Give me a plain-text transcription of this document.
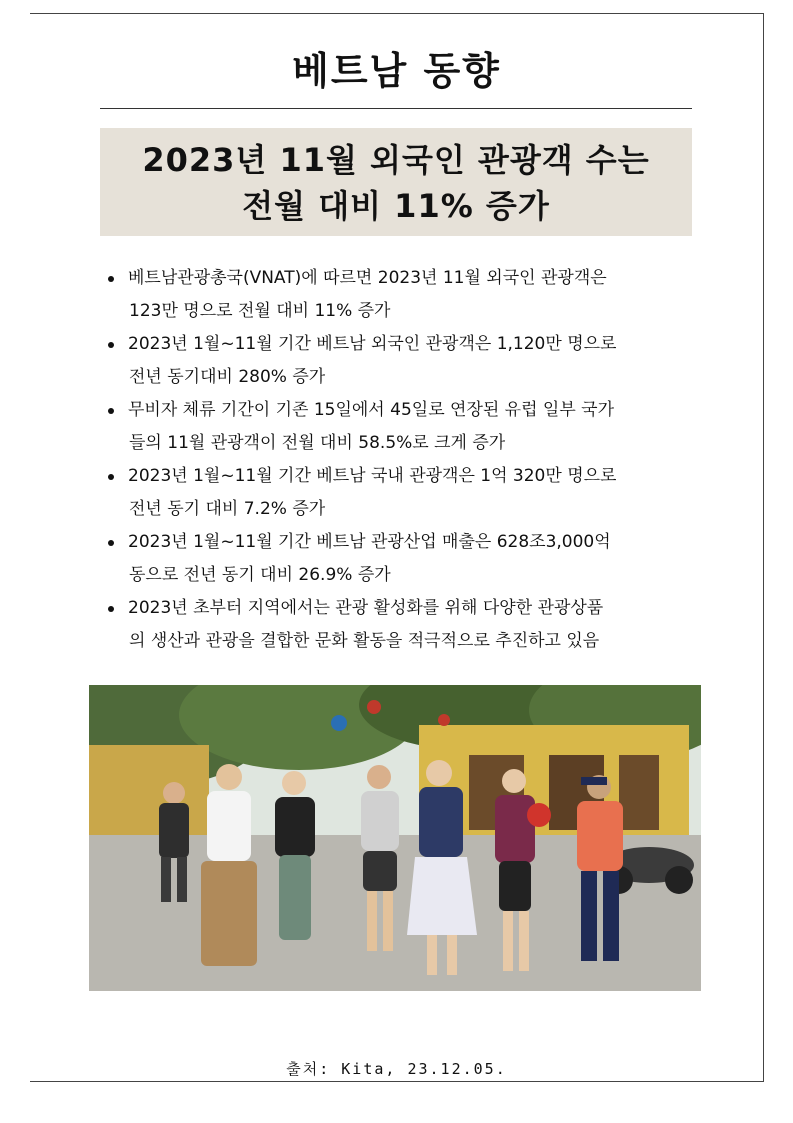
베트남 동향
2023년 11월 외국인 관광객 수는
전월 대비 11% 증가
베트남관광총국(VNAT)에 따르면 2023년 11월 외국인 관광객은
123만 명으로 전월 대비 11% 증가
2023년 1월~11월 기간 베트남 외국인 관광객은 1,120만 명으로
전년 동기대비 280% 증가
무비자 체류 기간이 기존 15일에서 45일로 연장된 유럽 일부 국가
들의 11월 관광객이 전월 대비 58.5%로 크게 증가
2023년 1월~11월 기간 베트남 국내 관광객은 1억 320만 명으로
전년 동기 대비 7.2% 증가
2023년 1월~11월 기간 베트남 관광산업 매출은 628조3,000억
동으로 전년 동기 대비 26.9% 증가
2023년 초부터 지역에서는 관광 활성화를 위해 다양한 관광상품
의 생산과 관광을 결합한 문화 활동을 적극적으로 추진하고 있음
출처: Kita, 23.12.05.
